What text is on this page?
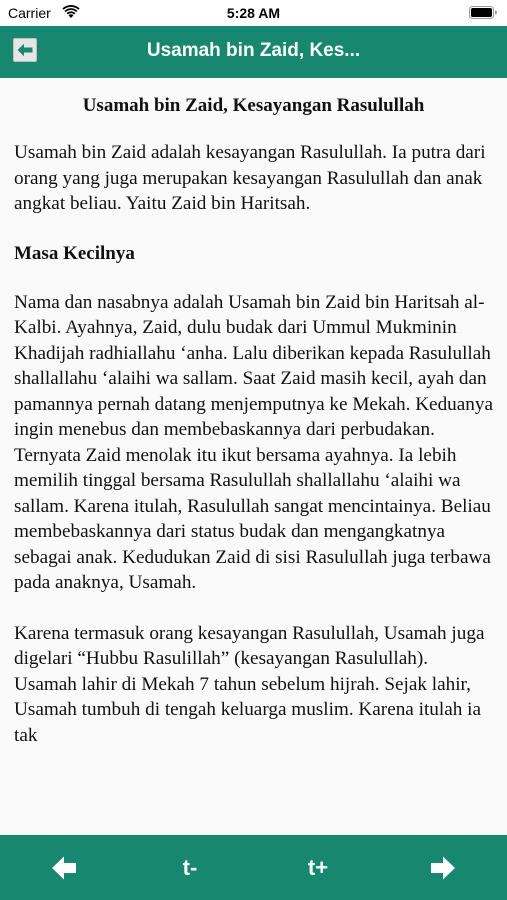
Carrier	5:28 AM
Usamah bin Zaid, Kes...
Usamah bin Zaid, Kesayangan Rasulullah

Usamah bin Zaid adalah kesayangan Rasulullah. Ia putra dari orang yang juga merupakan kesayangan Rasulullah dan anak angkat beliau. Yaitu Zaid bin Haritsah.

Masa Kecilnya

Nama dan nasabnya adalah Usamah bin Zaid bin Haritsah al-Kalbi. Ayahnya, Zaid, dulu budak dari Ummul Mukminin Khadijah radhiallahu ‘anha. Lalu diberikan kepada Rasulullah shallallahu ‘alaihi wa sallam. Saat Zaid masih kecil, ayah dan pamannya pernah datang menjemputnya ke Mekah. Keduanya ingin menebus dan membebaskannya dari perbudakan. Ternyata Zaid menolak itu ikut bersama ayahnya. Ia lebih memilih tinggal bersama Rasulullah shallallahu ‘alaihi wa sallam. Karena itulah, Rasulullah sangat mencintainya. Beliau membebaskannya dari status budak dan mengangkatnya sebagai anak. Kedudukan Zaid di sisi Rasulullah juga terbawa pada anaknya, Usamah.

Karena termasuk orang kesayangan Rasulullah, Usamah juga digelari “Hubbu Rasulillah” (kesayangan Rasulullah). Usamah lahir di Mekah 7 tahun sebelum hijrah. Sejak lahir, Usamah tumbuh di tengah keluarga muslim. Karena itulah ia tak

t-	t+
